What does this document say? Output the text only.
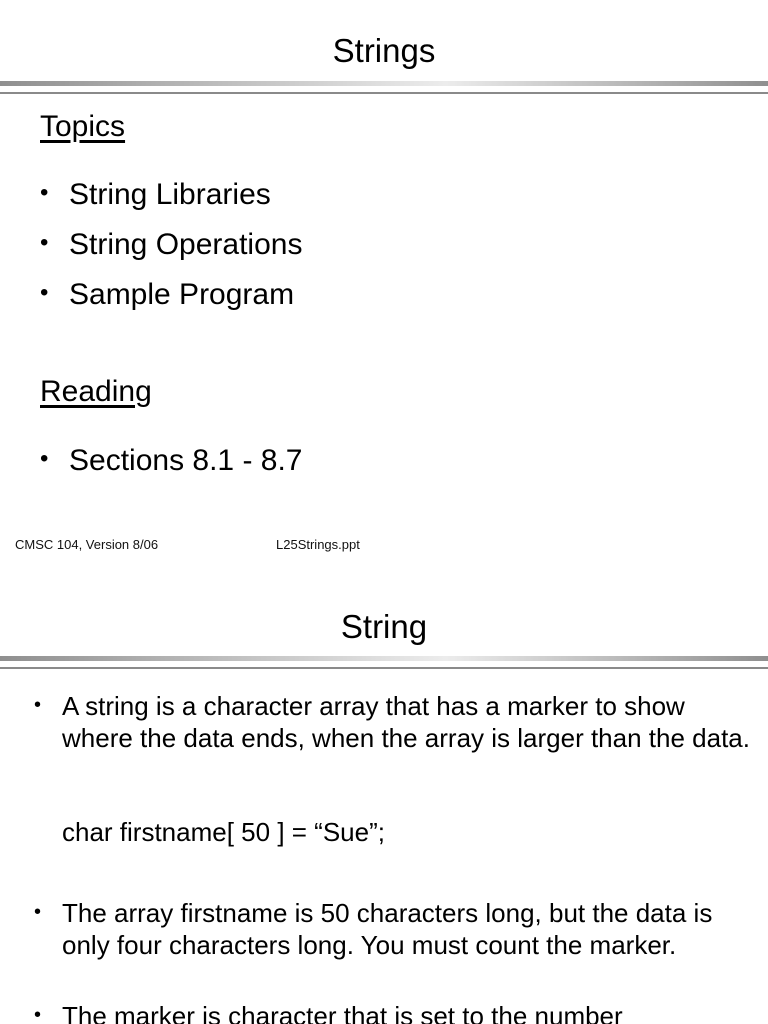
Strings
Topics
• String Libraries
• String Operations
• Sample Program
Reading
• Sections 8.1 - 8.7
CMSC 104, Version 8/06	L25Strings.ppt
String
• A string is a character array that has a marker to show where the data ends, when the array is larger than the data.
char firstname[ 50 ] = “Sue”;
• The array firstname is 50 characters long, but the data is only four characters long. You must count the marker.
• The marker is character that is set to the number
